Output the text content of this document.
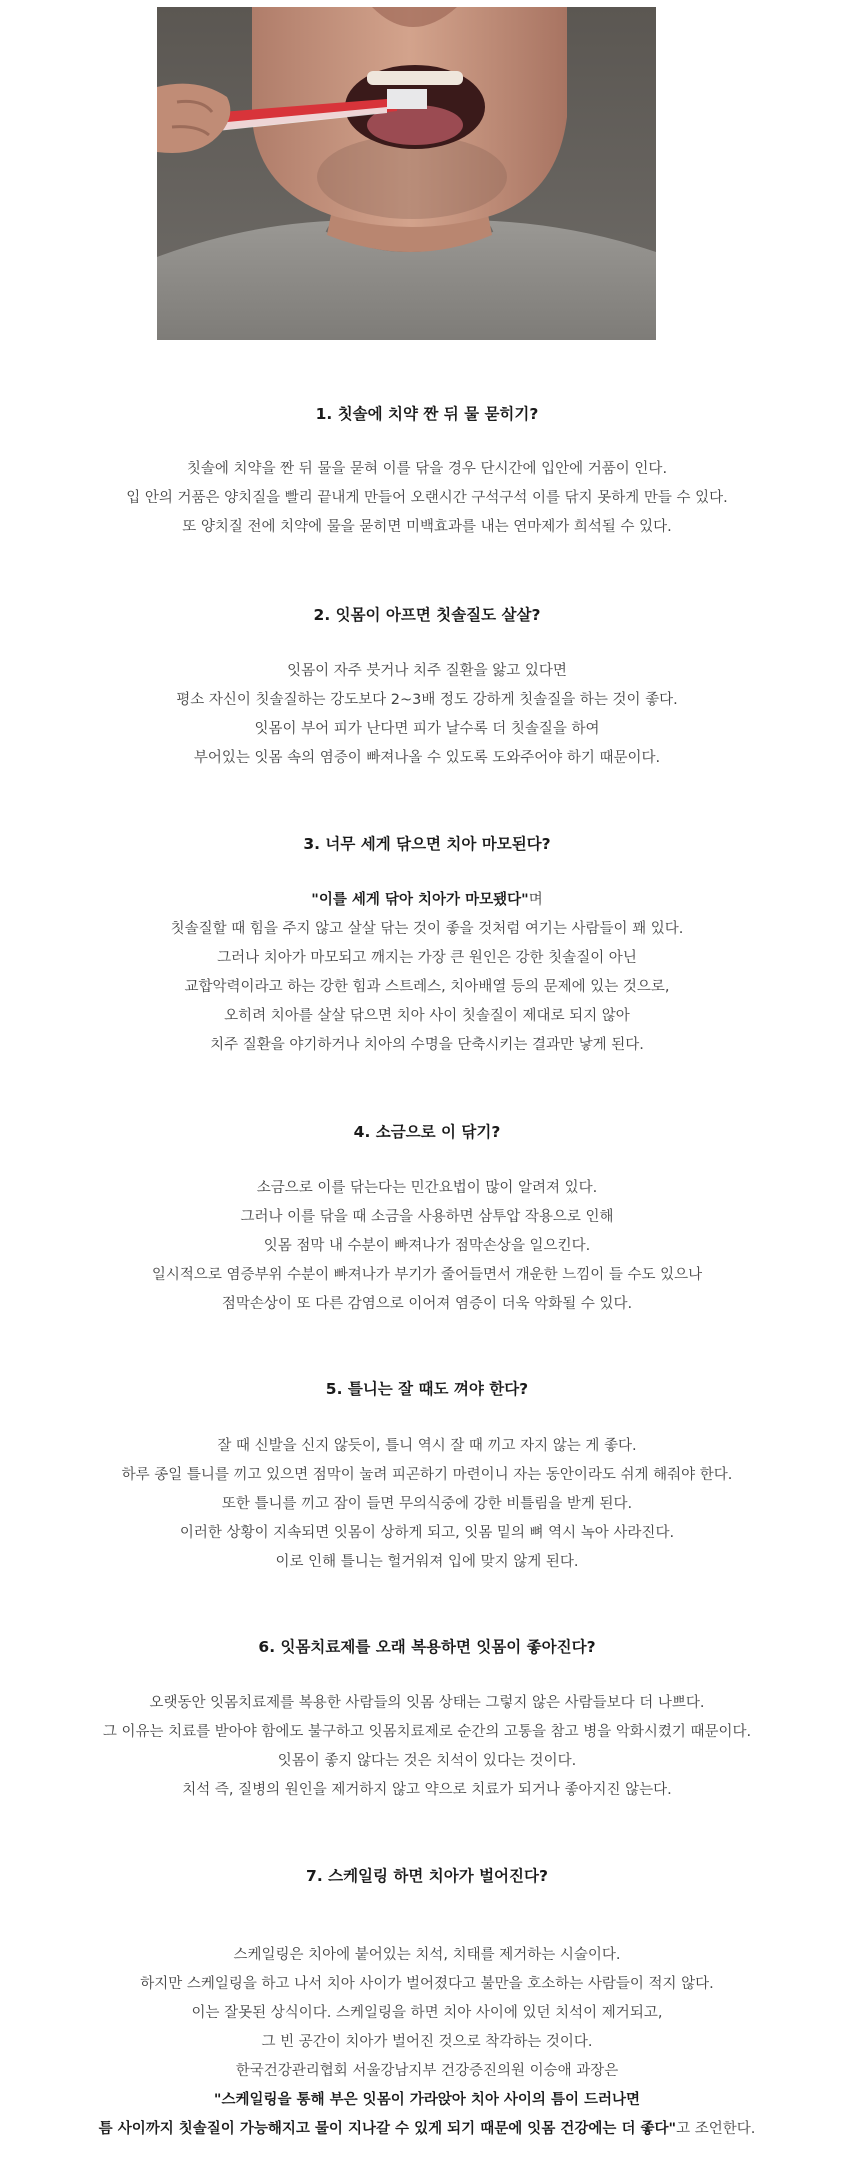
1. 칫솔에 치약 짠 뒤 물 묻히기?

칫솔에 치약을 짠 뒤 물을 묻혀 이를 닦을 경우 단시간에 입안에 거품이 인다.

입 안의 거품은 양치질을 빨리 끝내게 만들어 오랜시간 구석구석 이를 닦지 못하게 만들 수 있다.

또 양치질 전에 치약에 물을 묻히면 미백효과를 내는 연마제가 희석될 수 있다.

2. 잇몸이 아프면 칫솔질도 살살?

잇몸이 자주 붓거나 치주 질환을 앓고 있다면

평소 자신이 칫솔질하는 강도보다 2~3배 정도 강하게 칫솔질을 하는 것이 좋다.

잇몸이 부어 피가 난다면 피가 날수록 더 칫솔질을 하여

부어있는 잇몸 속의 염증이 빠져나올 수 있도록 도와주어야 하기 때문이다.

3. 너무 세게 닦으면 치아 마모된다?

"이를 세게 닦아 치아가 마모됐다"며

칫솔질할 때 힘을 주지 않고 살살 닦는 것이 좋을 것처럼 여기는 사람들이 꽤 있다.

그러나 치아가 마모되고 깨지는 가장 큰 원인은 강한 칫솔질이 아닌

교합악력이라고 하는 강한 힘과 스트레스, 치아배열 등의 문제에 있는 것으로,

오히려 치아를 살살 닦으면 치아 사이 칫솔질이 제대로 되지 않아

치주 질환을 야기하거나 치아의 수명을 단축시키는 결과만 낳게 된다.

4. 소금으로 이 닦기?

소금으로 이를 닦는다는 민간요법이 많이 알려져 있다.

그러나 이를 닦을 때 소금을 사용하면 삼투압 작용으로 인해

잇몸 점막 내 수분이 빠져나가 점막손상을 일으킨다.

일시적으로 염증부위 수분이 빠져나가 부기가 줄어들면서 개운한 느낌이 들 수도 있으나

점막손상이 또 다른 감염으로 이어져 염증이 더욱 악화될 수 있다.

5. 틀니는 잘 때도 껴야 한다?

잘 때 신발을 신지 않듯이, 틀니 역시 잘 때 끼고 자지 않는 게 좋다.

하루 종일 틀니를 끼고 있으면 점막이 눌려 피곤하기 마련이니 자는 동안이라도 쉬게 해줘야 한다.

또한 틀니를 끼고 잠이 들면 무의식중에 강한 비틀림을 받게 된다.

이러한 상황이 지속되면 잇몸이 상하게 되고, 잇몸 밑의 뼈 역시 녹아 사라진다.

이로 인해 틀니는 헐거워져 입에 맞지 않게 된다.

6. 잇몸치료제를 오래 복용하면 잇몸이 좋아진다?

오랫동안 잇몸치료제를 복용한 사람들의 잇몸 상태는 그렇지 않은 사람들보다 더 나쁘다.

그 이유는 치료를 받아야 함에도 불구하고 잇몸치료제로 순간의 고통을 참고 병을 악화시켰기 때문이다.

잇몸이 좋지 않다는 것은 치석이 있다는 것이다.

치석 즉, 질병의 원인을 제거하지 않고 약으로 치료가 되거나 좋아지진 않는다.

7. 스케일링 하면 치아가 벌어진다?

스케일링은 치아에 붙어있는 치석, 치태를 제거하는 시술이다.

하지만 스케일링을 하고 나서 치아 사이가 벌어졌다고 불만을 호소하는 사람들이 적지 않다.

이는 잘못된 상식이다. 스케일링을 하면 치아 사이에 있던 치석이 제거되고,

그 빈 공간이 치아가 벌어진 것으로 착각하는 것이다.

한국건강관리협회 서울강남지부 건강증진의원 이승애 과장은

"스케일링을 통해 부은 잇몸이 가라앉아 치아 사이의 틈이 드러나면

틈 사이까지 칫솔질이 가능해지고 물이 지나갈 수 있게 되기 때문에 잇몸 건강에는 더 좋다"고 조언한다.
